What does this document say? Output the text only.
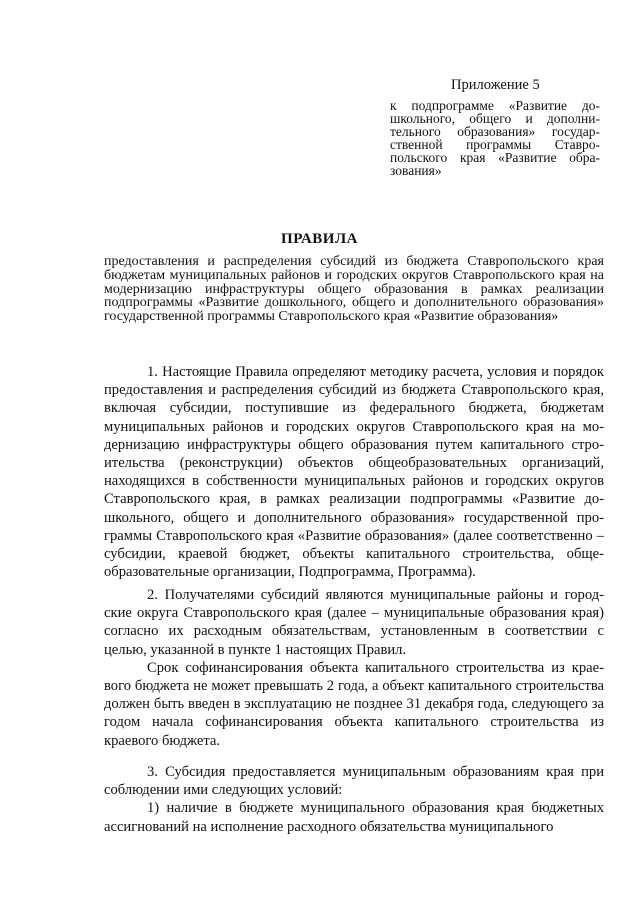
Приложение 5
к подпрограмме «Развитие дошкольного, общего и дополнительного образования» государственной программы Ставропольского края «Развитие образования»
ПРАВИЛА
предоставления и распределения субсидий из бюджета Ставропольского края бюджетам муниципальных районов и городских округов Ставропольского края на модернизацию инфраструктуры общего образования в рамках реализации подпрограммы «Развитие дошкольного, общего и дополнительного образования» государственной программы Ставропольского края «Развитие образования»

1. Настоящие Правила определяют методику расчета, условия и порядок предоставления и распределения субсидий из бюджета Ставропольского края, включая субсидии, поступившие из федерального бюджета, бюджетам муниципальных районов и городских округов Ставропольского края на модернизацию инфраструктуры общего образования путем капитального строительства (реконструкции) объектов общеобразовательных организаций, находящихся в собственности муниципальных районов и городских округов Ставропольского края, в рамках реализации подпрограммы «Развитие дошкольного, общего и дополнительного образования» государственной программы Ставропольского края «Развитие образования» (далее соответственно – субсидии, краевой бюджет, объекты капитального строительства, общеобразовательные организации, Подпрограмма, Программа).

2. Получателями субсидий являются муниципальные районы и городские округа Ставропольского края (далее – муниципальные образования края) согласно их расходным обязательствам, установленным в соответствии с целью, указанной в пункте 1 настоящих Правил.

Срок софинансирования объекта капитального строительства из краевого бюджета не может превышать 2 года, а объект капитального строительства должен быть введен в эксплуатацию не позднее 31 декабря года, следующего за годом начала софинансирования объекта капитального строительства из краевого бюджета.

3. Субсидия предоставляется муниципальным образованиям края при соблюдении ими следующих условий:

1) наличие в бюджете муниципального образования края бюджетных ассигнований на исполнение расходного обязательства муниципального
